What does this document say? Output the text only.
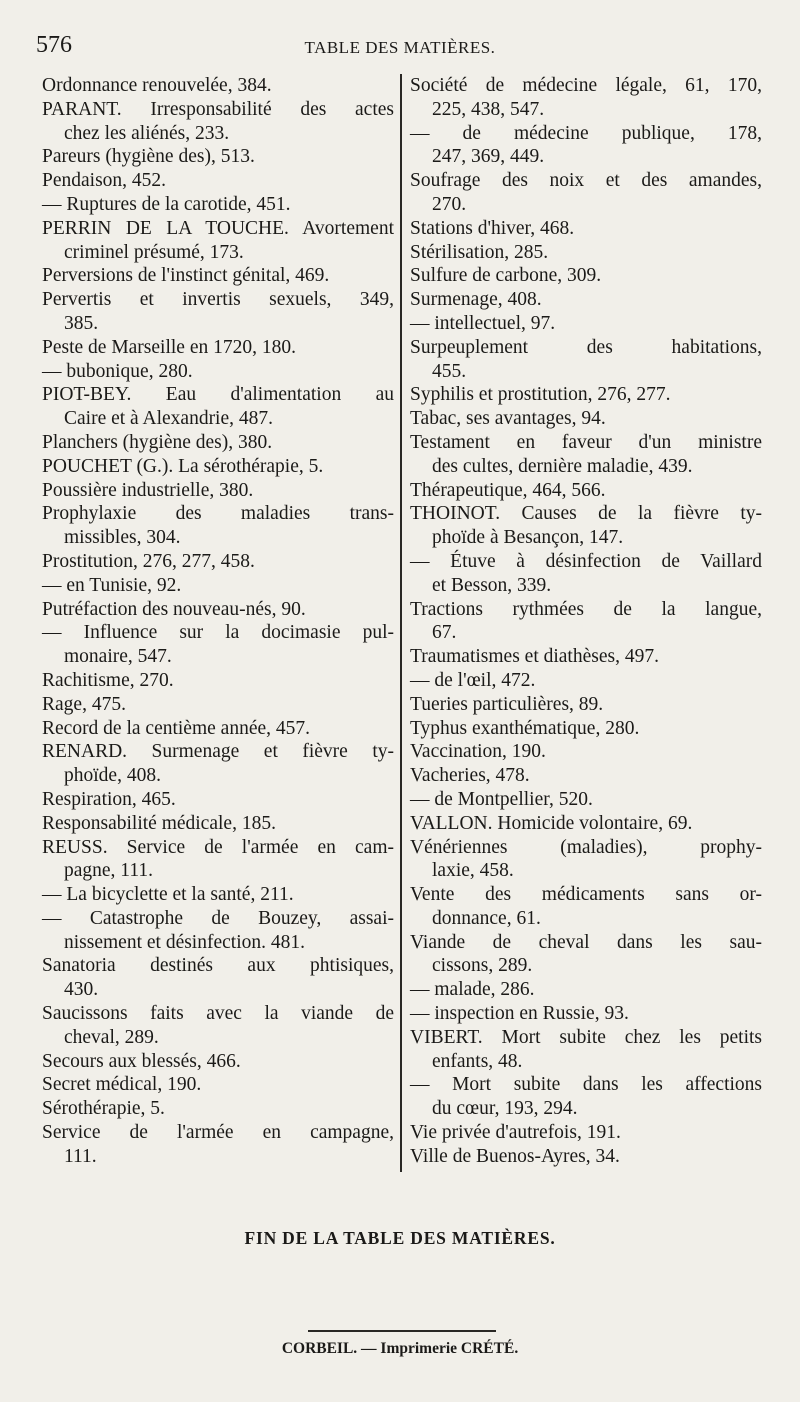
576	TABLE DES MATIÈRES.
Ordonnance renouvelée, 384.
PARANT. Irresponsabilité des actes
chez les aliénés, 233.
Pareurs (hygiène des), 513.
Pendaison, 452.
— Ruptures de la carotide, 451.
PERRIN DE LA TOUCHE. Avortement
criminel présumé, 173.
Perversions de l'instinct génital, 469.
Pervertis et invertis sexuels, 349,
385.
Peste de Marseille en 1720, 180.
— bubonique, 280.
PIOT-BEY. Eau d'alimentation au
Caire et à Alexandrie, 487.
Planchers (hygiène des), 380.
POUCHET (G.). La sérothérapie, 5.
Poussière industrielle, 380.
Prophylaxie des maladies trans-
missibles, 304.
Prostitution, 276, 277, 458.
— en Tunisie, 92.
Putréfaction des nouveau-nés, 90.
— Influence sur la docimasie pul-
monaire, 547.
Rachitisme, 270.
Rage, 475.
Record de la centième année, 457.
RENARD. Surmenage et fièvre ty-
phoïde, 408.
Respiration, 465.
Responsabilité médicale, 185.
REUSS. Service de l'armée en cam-
pagne, 111.
— La bicyclette et la santé, 211.
— Catastrophe de Bouzey, assai-
nissement et désinfection. 481.
Sanatoria destinés aux phtisiques,
430.
Saucissons faits avec la viande de
cheval, 289.
Secours aux blessés, 466.
Secret médical, 190.
Sérothérapie, 5.
Service de l'armée en campagne,
111.
Société de médecine légale, 61, 170,
225, 438, 547.
— de médecine publique, 178,
247, 369, 449.
Soufrage des noix et des amandes,
270.
Stations d'hiver, 468.
Stérilisation, 285.
Sulfure de carbone, 309.
Surmenage, 408.
— intellectuel, 97.
Surpeuplement des habitations,
455.
Syphilis et prostitution, 276, 277.
Tabac, ses avantages, 94.
Testament en faveur d'un ministre
des cultes, dernière maladie, 439.
Thérapeutique, 464, 566.
THOINOT. Causes de la fièvre ty-
phoïde à Besançon, 147.
— Étuve à désinfection de Vaillard
et Besson, 339.
Tractions rythmées de la langue,
67.
Traumatismes et diathèses, 497.
— de l'œil, 472.
Tueries particulières, 89.
Typhus exanthématique, 280.
Vaccination, 190.
Vacheries, 478.
— de Montpellier, 520.
VALLON. Homicide volontaire, 69.
Vénériennes (maladies), prophy-
laxie, 458.
Vente des médicaments sans or-
donnance, 61.
Viande de cheval dans les sau-
cissons, 289.
— malade, 286.
— inspection en Russie, 93.
VIBERT. Mort subite chez les petits
enfants, 48.
— Mort subite dans les affections
du cœur, 193, 294.
Vie privée d'autrefois, 191.
Ville de Buenos-Ayres, 34.
FIN DE LA TABLE DES MATIÈRES.
CORBEIL. — Imprimerie CRÉTÉ.
